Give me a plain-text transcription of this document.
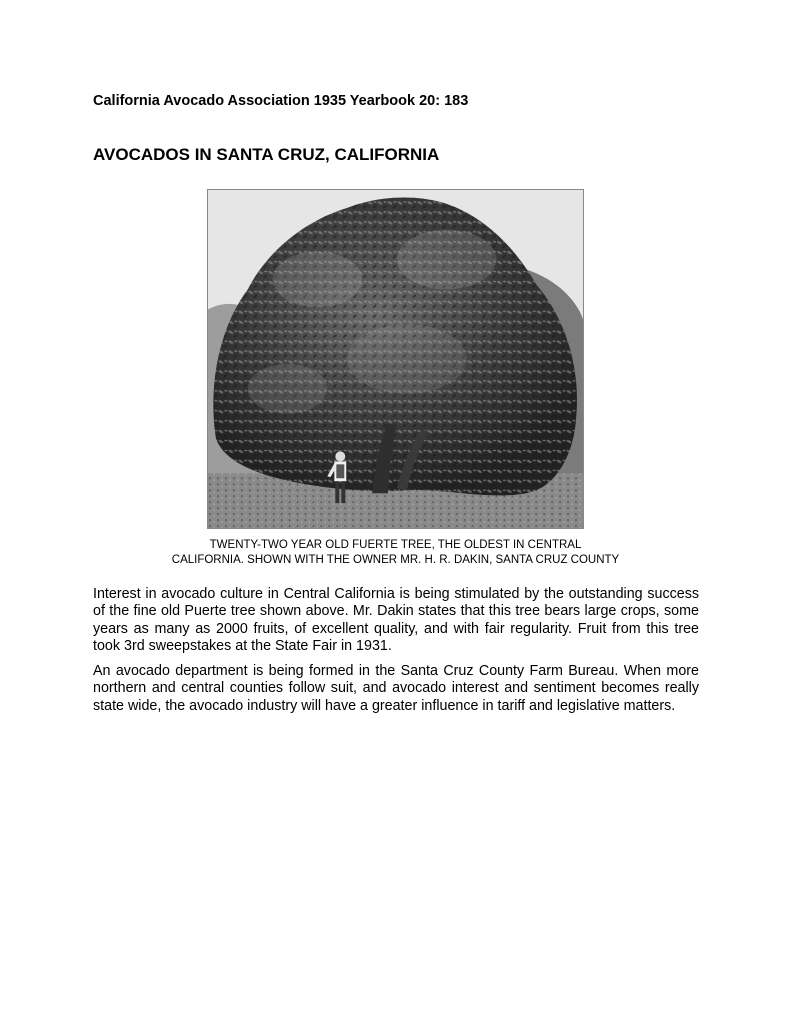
California Avocado Association 1935 Yearbook 20: 183
AVOCADOS IN SANTA CRUZ, CALIFORNIA
TWENTY-TWO YEAR OLD FUERTE TREE, THE OLDEST IN CENTRAL
CALIFORNIA. SHOWN WITH THE OWNER MR. H. R. DAKIN, SANTA CRUZ COUNTY

Interest in avocado culture in Central California is being stimulated by the outstanding success of the fine old Puerte tree shown above. Mr. Dakin states that this tree bears large crops, some years as many as 2000 fruits, of excellent quality, and with fair regularity. Fruit from this tree took 3rd sweepstakes at the State Fair in 1931.

An avocado department is being formed in the Santa Cruz County Farm Bureau. When more northern and central counties follow suit, and avocado interest and sentiment becomes really state wide, the avocado industry will have a greater influence in tariff and legislative matters.
